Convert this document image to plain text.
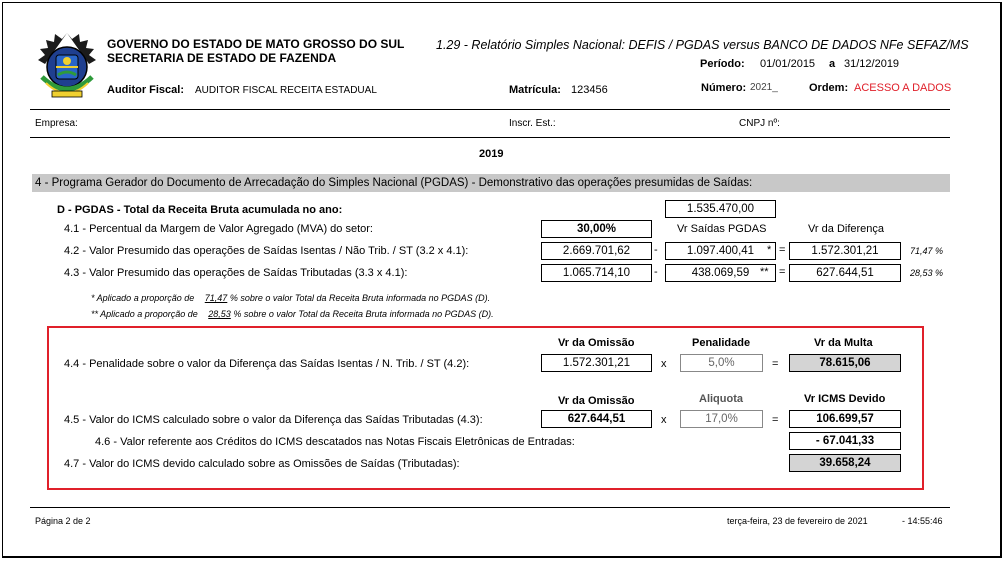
GOVERNO DO ESTADO DE MATO GROSSO DO SUL
SECRETARIA DE ESTADO DE FAZENDA
1.29 - Relatório Simples Nacional: DEFIS / PGDAS versus BANCO DE DADOS NFe SEFAZ/MS
Período: 01/01/2015 a 31/12/2019
Auditor Fiscal: AUDITOR FISCAL RECEITA ESTADUAL	Matrícula: 123456	Número: 2021_	Ordem: ACESSO A DADOS
Empresa:	Inscr. Est.:	CNPJ nº:
2019
4 - Programa Gerador do Documento de Arrecadação do Simples Nacional (PGDAS) - Demonstrativo das operações presumidas de Saídas:
D - PGDAS - Total da Receita Bruta acumulada no ano:	1.535.470,00
Vr Saídas PGDAS	Vr da Diferença
4.1 - Percentual da Margem de Valor Agregado (MVA) do setor:	30,00%
4.2 - Valor Presumido das operações de Saídas Isentas / Não Trib. / ST (3.2 x 4.1):	2.669.701,62	-	1.097.400,41	* =	1.572.301,21	71,47 %
4.3 - Valor Presumido das operações de Saídas Tributadas (3.3 x 4.1):	1.065.714,10	-	438.069,59 ** =	627.644,51	28,53 %
* Aplicado a proporção de 71,47 % sobre o valor Total da Receita Bruta informada no PGDAS (D).
** Aplicado a proporção de 28,53 % sobre o valor Total da Receita Bruta informada no PGDAS (D).
Vr da Omissão	Penalidade	Vr da Multa
4.4 - Penalidade sobre o valor da Diferença das Saídas Isentas / N. Trib. / ST (4.2):	1.572.301,21	x	5,0%	=	78.615,06
Vr da Omissão	Aliquota	Vr ICMS Devido
4.5 - Valor do ICMS calculado sobre o valor da Diferença das Saídas Tributadas (4.3):	627.644,51	x	17,0%	=	106.699,57
4.6 - Valor referente aos Créditos do ICMS descatados nas Notas Fiscais Eletrônicas de Entradas:	- 67.041,33
4.7 - Valor do ICMS devido calculado sobre as Omissões de Saídas (Tributadas):	39.658,24
Página 2 de 2	terça-feira, 23 de fevereiro de 2021	- 14:55:46
